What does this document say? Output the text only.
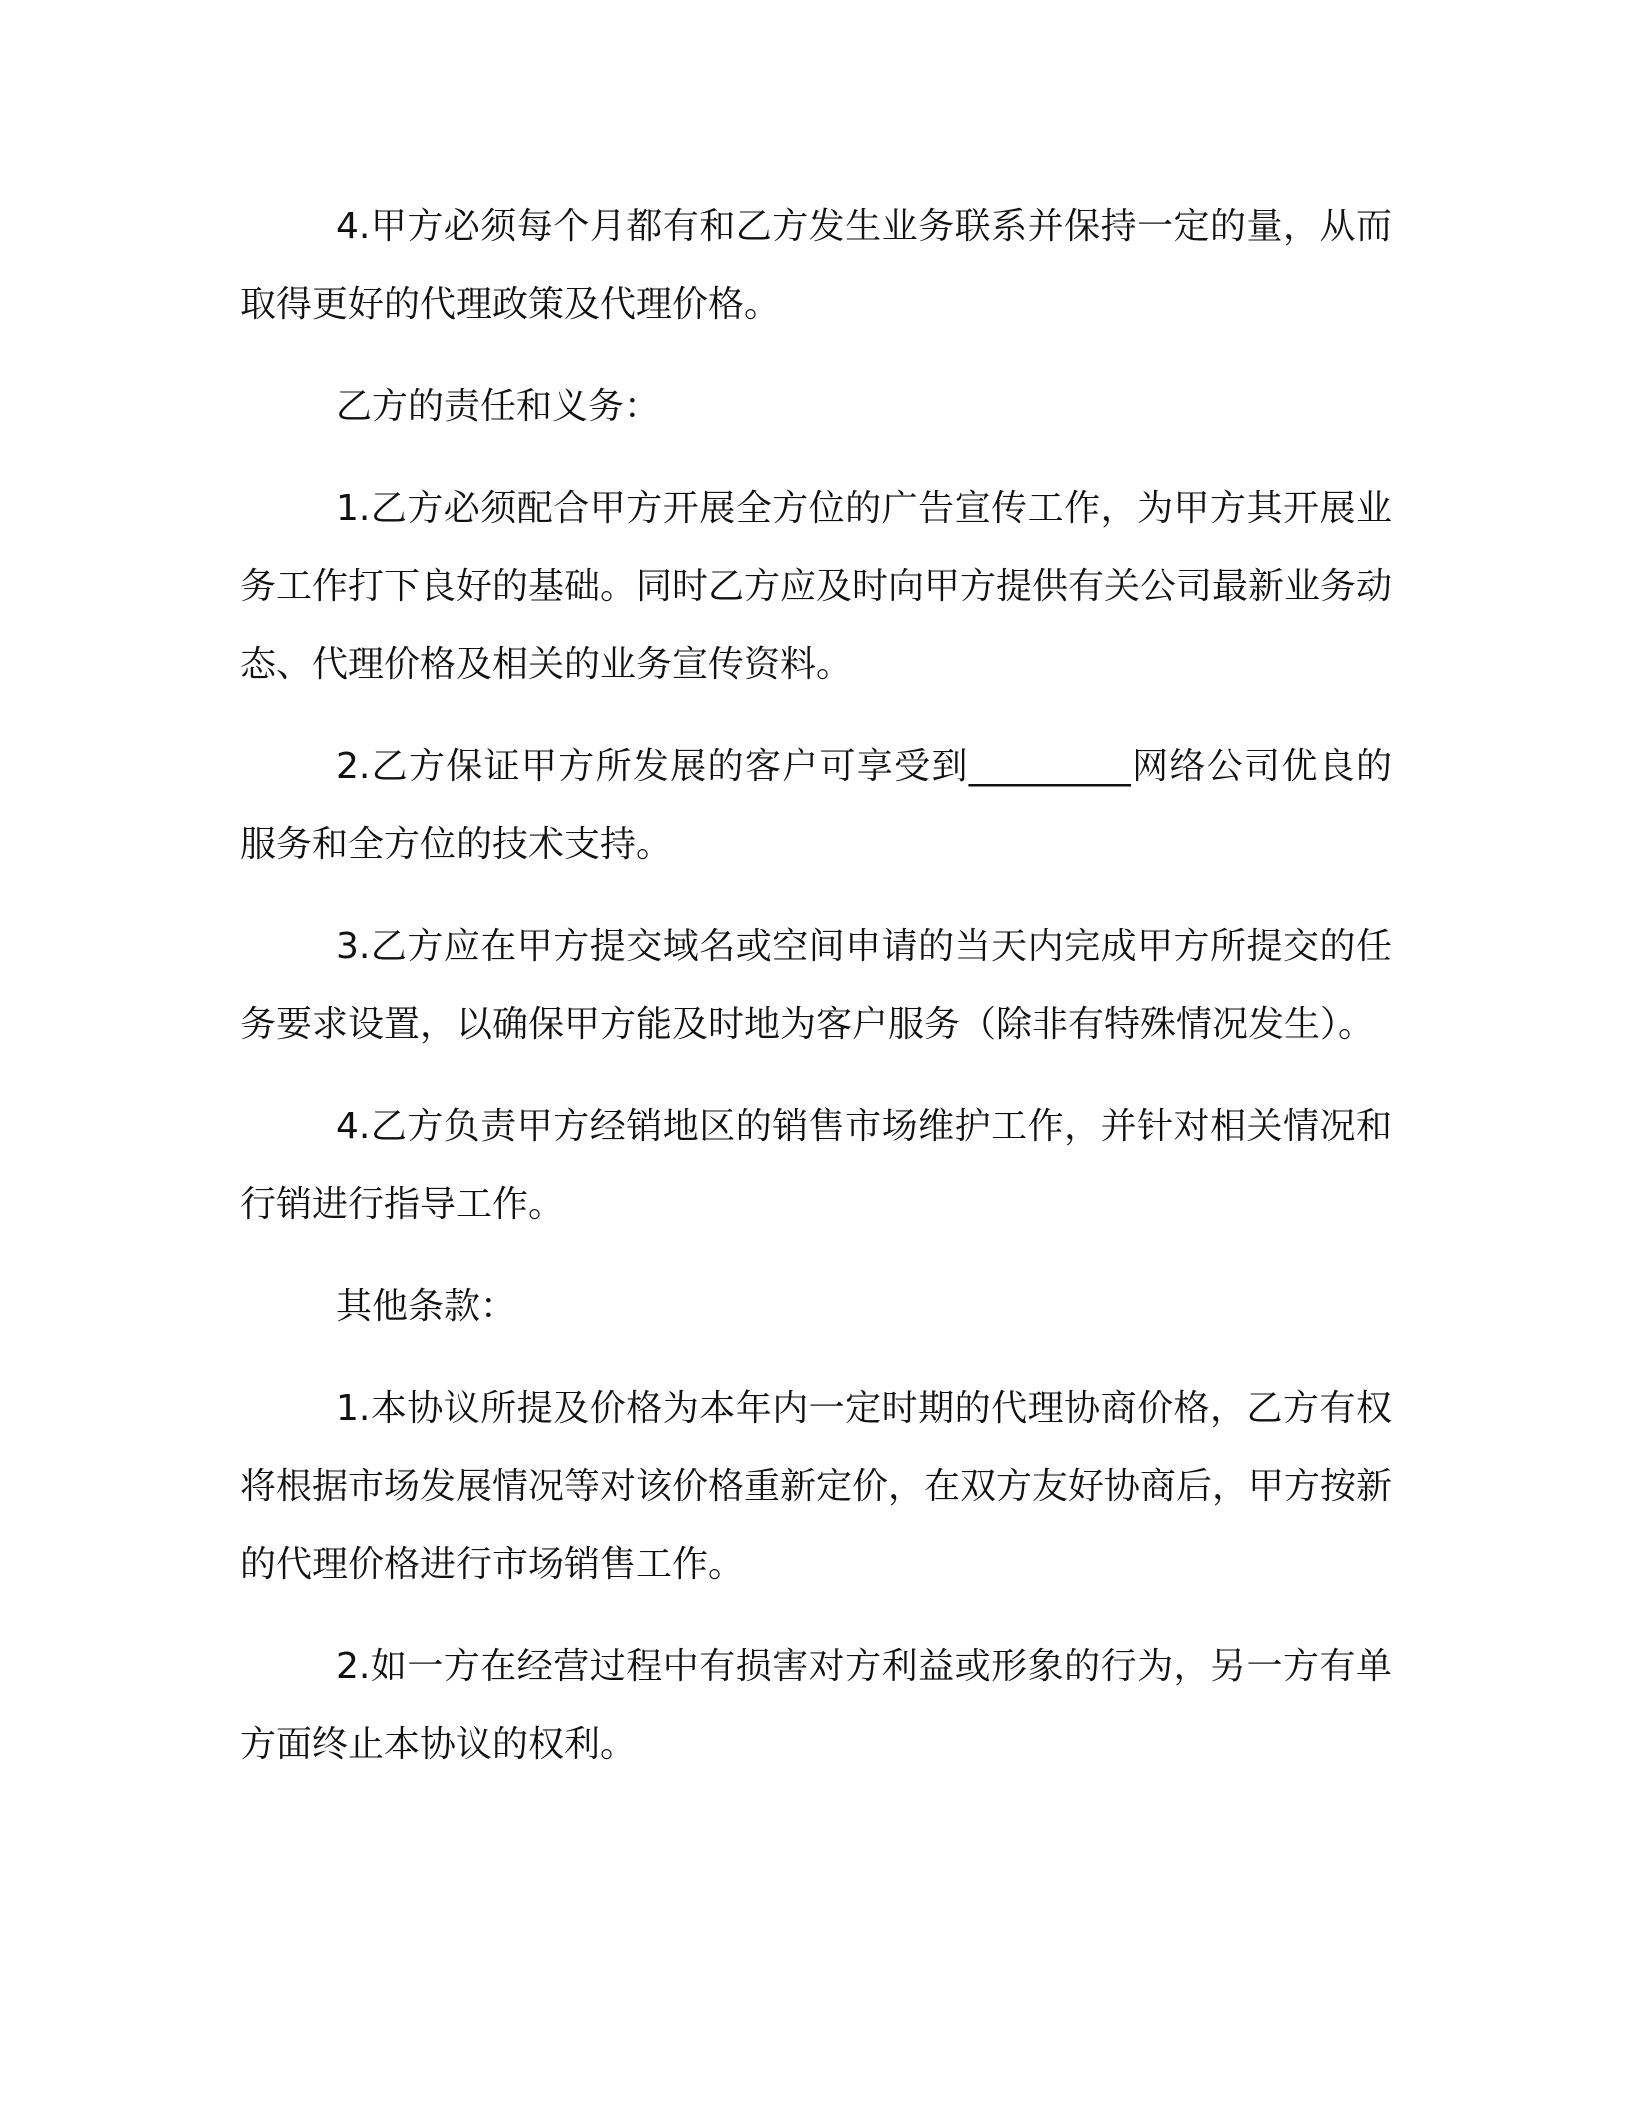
4.甲方必须每个月都有和乙方发生业务联系并保持一定的量，从而取得更好的代理政策及代理价格。

乙方的责任和义务：

1.乙方必须配合甲方开展全方位的广告宣传工作，为甲方其开展业务工作打下良好的基础。同时乙方应及时向甲方提供有关公司最新业务动态、代理价格及相关的业务宣传资料。

2.乙方保证甲方所发展的客户可享受到_________网络公司优良的服务和全方位的技术支持。

3.乙方应在甲方提交域名或空间申请的当天内完成甲方所提交的任务要求设置，以确保甲方能及时地为客户服务（除非有特殊情况发生）。

4.乙方负责甲方经销地区的销售市场维护工作，并针对相关情况和行销进行指导工作。

其他条款：

1.本协议所提及价格为本年内一定时期的代理协商价格，乙方有权将根据市场发展情况等对该价格重新定价，在双方友好协商后，甲方按新的代理价格进行市场销售工作。

2.如一方在经营过程中有损害对方利益或形象的行为，另一方有单方面终止本协议的权利。
